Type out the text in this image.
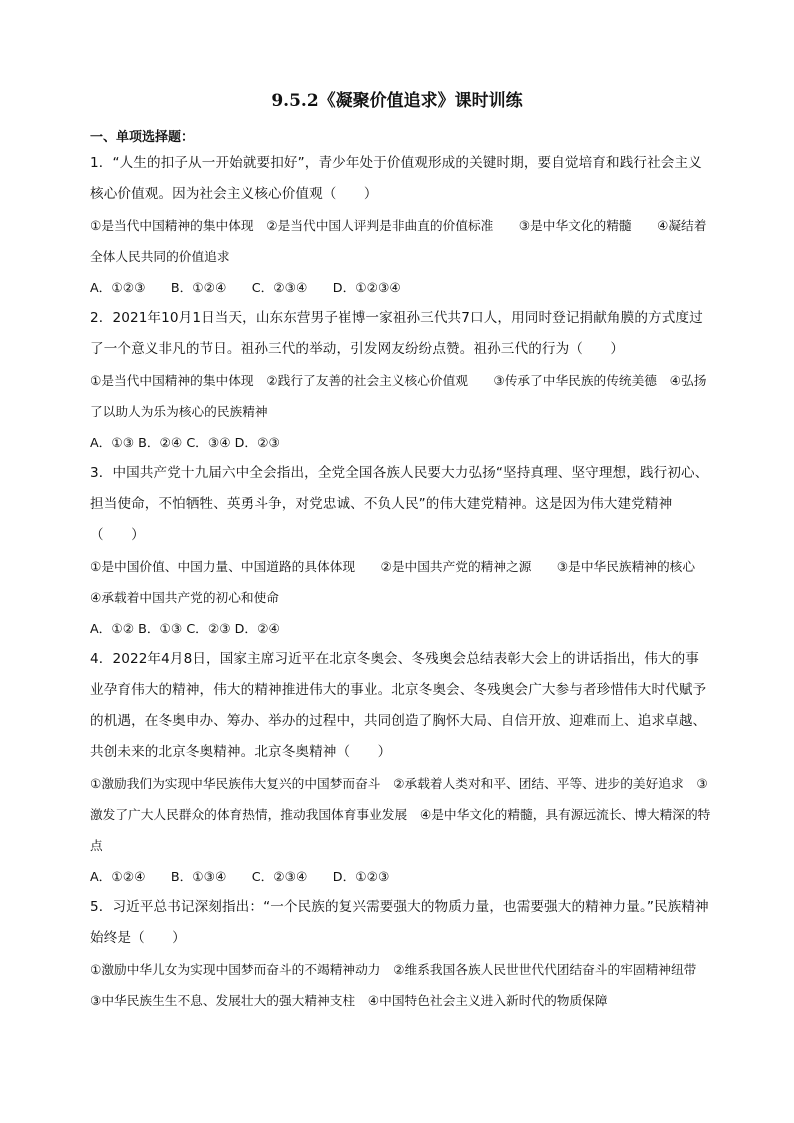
9.5.2《凝聚价值追求》课时训练
一、单项选择题：
1．“人生的扣子从一开始就要扣好”，青少年处于价值观形成的关键时期，要自觉培育和践行社会主义核心价值观。因为社会主义核心价值观（　　）
①是当代中国精神的集中体现　②是当代中国人评判是非曲直的价值标准　　③是中华文化的精髓　　④凝结着全体人民共同的价值追求
A．①②③　　B．①②④　　C．②③④　　D．①②③④
2．2021年10月1日当天，山东东营男子崔博一家祖孙三代共7口人，用同时登记捐献角膜的方式度过了一个意义非凡的节日。祖孙三代的举动，引发网友纷纷点赞。祖孙三代的行为（　　）
①是当代中国精神的集中体现　②践行了友善的社会主义核心价值观　　③传承了中华民族的传统美德　④弘扬了以助人为乐为核心的民族精神
A．①③ B．②④ C．③④ D．②③
3．中国共产党十九届六中全会指出，全党全国各族人民要大力弘扬“坚持真理、坚守理想，践行初心、担当使命，不怕牺牲、英勇斗争，对党忠诚、不负人民”的伟大建党精神。这是因为伟大建党精神（　　）
①是中国价值、中国力量、中国道路的具体体现　　②是中国共产党的精神之源　　③是中华民族精神的核心　　④承载着中国共产党的初心和使命
A．①② B．①③ C．②③ D．②④
4．2022年4月8日，国家主席习近平在北京冬奥会、冬残奥会总结表彰大会上的讲话指出，伟大的事业孕育伟大的精神，伟大的精神推进伟大的事业。北京冬奥会、冬残奥会广大参与者珍惜伟大时代赋予的机遇，在冬奥申办、筹办、举办的过程中，共同创造了胸怀大局、自信开放、迎难而上、追求卓越、共创未来的北京冬奥精神。北京冬奥精神（　　）
①激励我们为实现中华民族伟大复兴的中国梦而奋斗　②承载着人类对和平、团结、平等、进步的美好追求　③激发了广大人民群众的体育热情，推动我国体育事业发展　④是中华文化的精髓，具有源远流长、博大精深的特点
A．①②④　　B．①③④　　C．②③④　　D．①②③
5．习近平总书记深刻指出：“一个民族的复兴需要强大的物质力量，也需要强大的精神力量。”民族精神始终是（　　）
①激励中华儿女为实现中国梦而奋斗的不竭精神动力　②维系我国各族人民世世代代团结奋斗的牢固精神纽带　③中华民族生生不息、发展壮大的强大精神支柱　④中国特色社会主义进入新时代的物质保障
